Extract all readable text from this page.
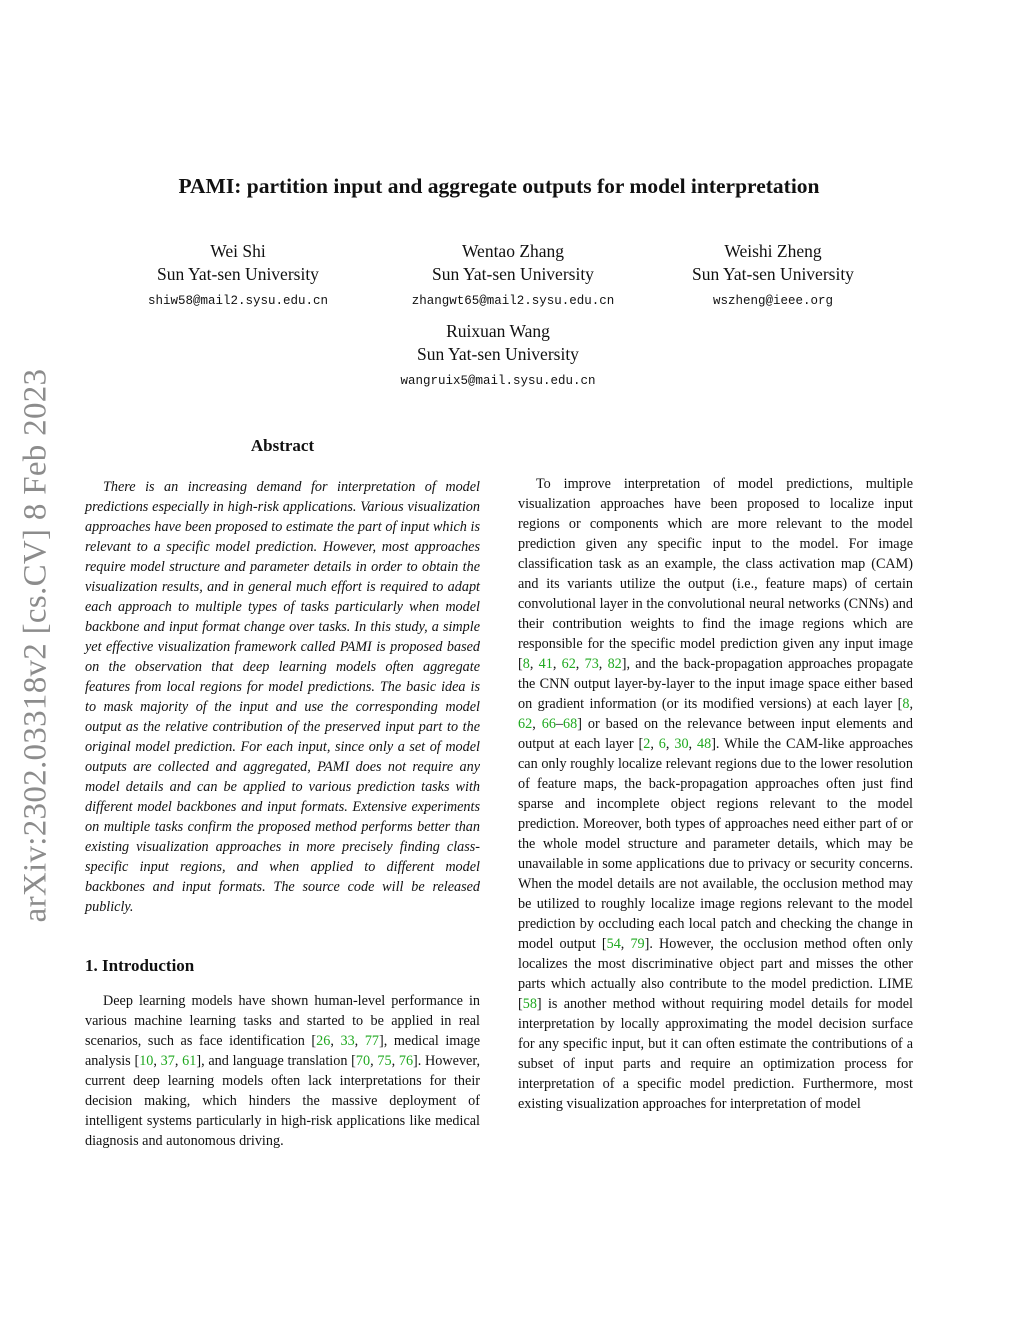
arXiv:2302.03318v2 [cs.CV] 8 Feb 2023
PAMI: partition input and aggregate outputs for model interpretation
Wei Shi
Sun Yat-sen University
shiw58@mail2.sysu.edu.cn
Wentao Zhang
Sun Yat-sen University
zhangwt65@mail2.sysu.edu.cn
Weishi Zheng
Sun Yat-sen University
wszheng@ieee.org
Ruixuan Wang
Sun Yat-sen University
wangruix5@mail.sysu.edu.cn
Abstract

There is an increasing demand for interpretation of model predictions especially in high-risk applications. Various visualization approaches have been proposed to estimate the part of input which is relevant to a specific model prediction. However, most approaches require model structure and parameter details in order to obtain the visualization results, and in general much effort is required to adapt each approach to multiple types of tasks particularly when model backbone and input format change over tasks. In this study, a simple yet effective visualization framework called PAMI is proposed based on the observation that deep learning models often aggregate features from local regions for model predictions. The basic idea is to mask majority of the input and use the corresponding model output as the relative contribution of the preserved input part to the original model prediction. For each input, since only a set of model outputs are collected and aggregated, PAMI does not require any model details and can be applied to various prediction tasks with different model backbones and input formats. Extensive experiments on multiple tasks confirm the proposed method performs better than existing visualization approaches in more precisely finding class-specific input regions, and when applied to different model backbones and input formats. The source code will be released publicly.

1. Introduction

Deep learning models have shown human-level performance in various machine learning tasks and started to be applied in real scenarios, such as face identification [26, 33, 77], medical image analysis [10, 37, 61], and language translation [70, 75, 76]. However, current deep learning models often lack interpretations for their decision making, which hinders the massive deployment of intelligent systems particularly in high-risk applications like medical diagnosis and autonomous driving.

To improve interpretation of model predictions, multiple visualization approaches have been proposed to localize input regions or components which are more relevant to the model prediction given any specific input to the model. For image classification task as an example, the class activation map (CAM) and its variants utilize the output (i.e., feature maps) of certain convolutional layer in the convolutional neural networks (CNNs) and their contribution weights to find the image regions which are responsible for the specific model prediction given any input image [8, 41, 62, 73, 82], and the back-propagation approaches propagate the CNN output layer-by-layer to the input image space either based on gradient information (or its modified versions) at each layer [8, 62, 66–68] or based on the relevance between input elements and output at each layer [2, 6, 30, 48]. While the CAM-like approaches can only roughly localize relevant regions due to the lower resolution of feature maps, the back-propagation approaches often just find sparse and incomplete object regions relevant to the model prediction. Moreover, both types of approaches need either part of or the whole model structure and parameter details, which may be unavailable in some applications due to privacy or security concerns. When the model details are not available, the occlusion method may be utilized to roughly localize image regions relevant to the model prediction by occluding each local patch and checking the change in model output [54, 79]. However, the occlusion method often only localizes the most discriminative object part and misses the other parts which actually also contribute to the model prediction. LIME [58] is another method without requiring model details for model interpretation by locally approximating the model decision surface for any specific input, but it can often estimate the contributions of a subset of input parts and require an optimization process for interpretation of a specific model prediction. Furthermore, most existing visualization approaches for interpretation of model
